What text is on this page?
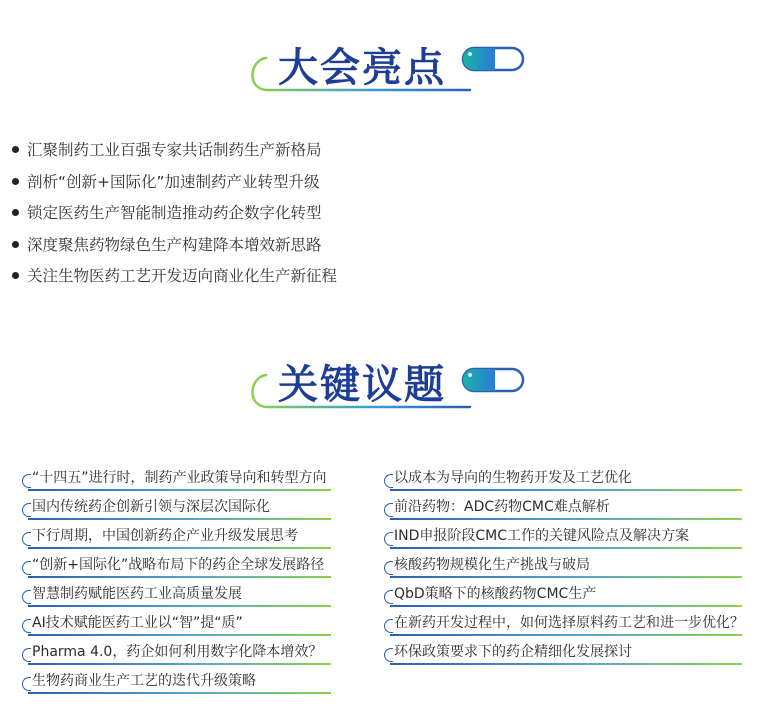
大会亮点
汇聚制药工业百强专家共话制药生产新格局
剖析“创新+国际化”加速制药产业转型升级
锁定医药生产智能制造推动药企数字化转型
深度聚焦药物绿色生产构建降本增效新思路
关注生物医药工艺开发迈向商业化生产新征程
关键议题
“十四五”进行时，制药产业政策导向和转型方向
国内传统药企创新引领与深层次国际化
下行周期，中国创新药企产业升级发展思考
“创新+国际化”战略布局下的药企全球发展路径
智慧制药赋能医药工业高质量发展
AI技术赋能医药工业以“智”提“质”
Pharma 4.0，药企如何利用数字化降本增效？
生物药商业生产工艺的迭代升级策略
以成本为导向的生物药开发及工艺优化
前沿药物：ADC药物CMC难点解析
IND申报阶段CMC工作的关键风险点及解决方案
核酸药物规模化生产挑战与破局
QbD策略下的核酸药物CMC生产
在新药开发过程中，如何选择原料药工艺和进一步优化？
环保政策要求下的药企精细化发展探讨
